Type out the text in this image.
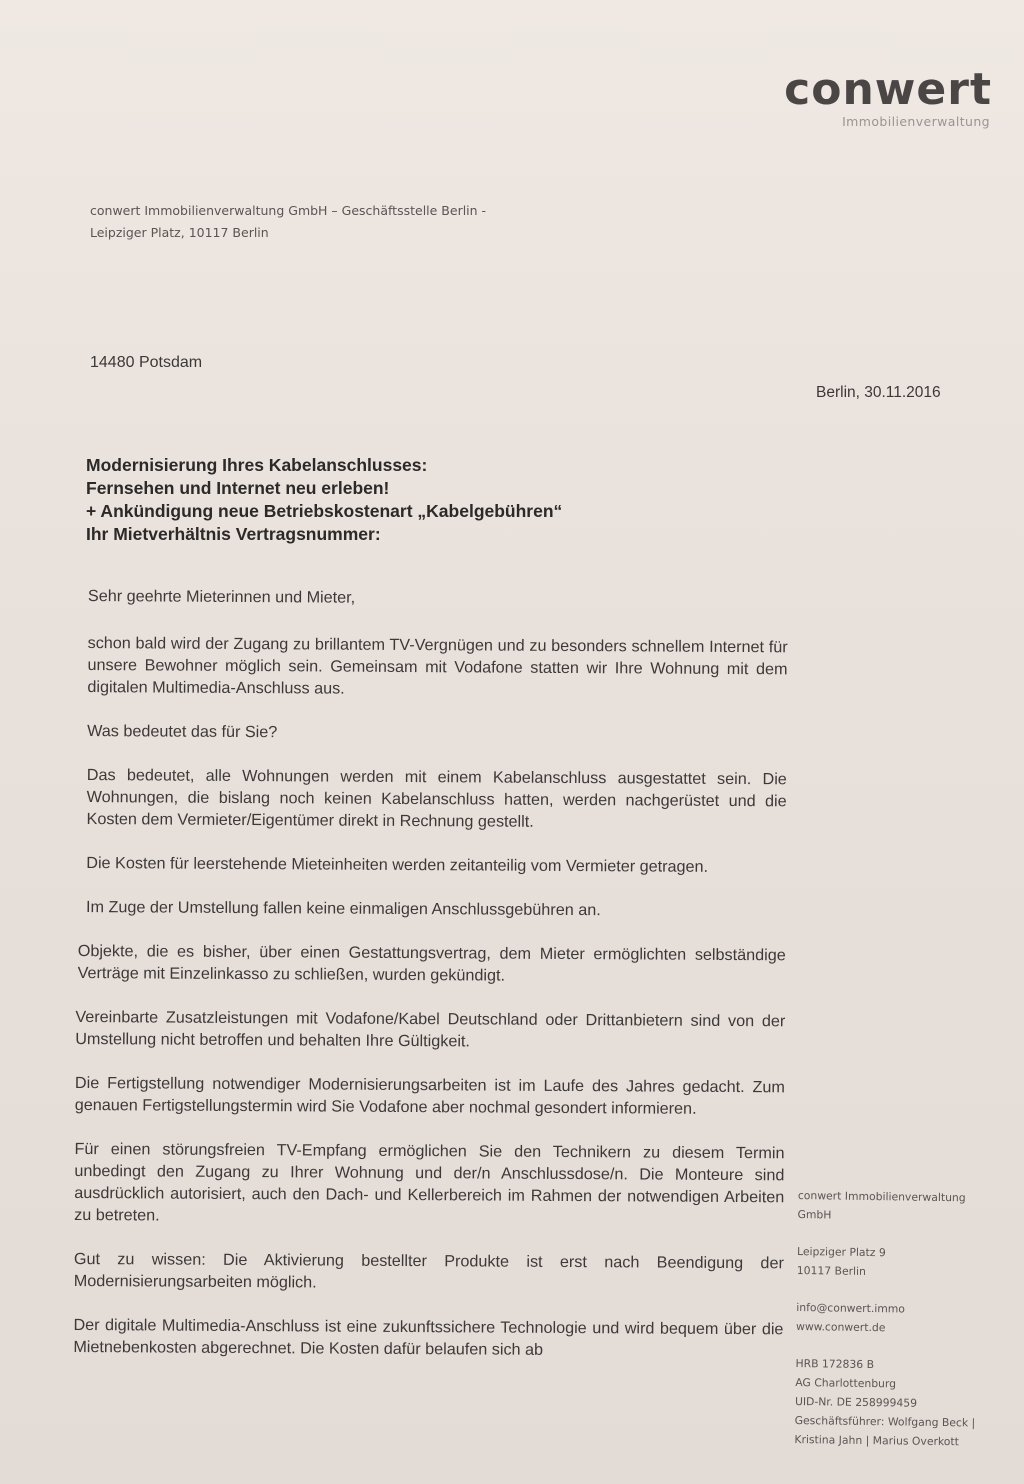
conwert
Immobilienverwaltung
conwert Immobilienverwaltung GmbH – Geschäftsstelle Berlin -
Leipziger Platz, 10117 Berlin
14480 Potsdam
Berlin, 30.11.2016
Modernisierung Ihres Kabelanschlusses:
Fernsehen und Internet neu erleben!
+ Ankündigung neue Betriebskostenart „Kabelgebühren“
Ihr Mietverhältnis Vertragsnummer:

Sehr geehrte Mieterinnen und Mieter,

schon bald wird der Zugang zu brillantem TV-Vergnügen und zu besonders schnellem Internet für unsere Bewohner möglich sein. Gemeinsam mit Vodafone statten wir Ihre Wohnung mit dem digitalen Multimedia-Anschluss aus.

Was bedeutet das für Sie?

Das bedeutet, alle Wohnungen werden mit einem Kabelanschluss ausgestattet sein. Die Wohnungen, die bislang noch keinen Kabelanschluss hatten, werden nachgerüstet und die Kosten dem Vermieter/Eigentümer direkt in Rechnung gestellt.

Die Kosten für leerstehende Mieteinheiten werden zeitanteilig vom Vermieter getragen.

Im Zuge der Umstellung fallen keine einmaligen Anschlussgebühren an.

Objekte, die es bisher, über einen Gestattungsvertrag, dem Mieter ermöglichten selbständige Verträge mit Einzelinkasso zu schließen, wurden gekündigt.

Vereinbarte Zusatzleistungen mit Vodafone/Kabel Deutschland oder Drittanbietern sind von der Umstellung nicht betroffen und behalten Ihre Gültigkeit.

Die Fertigstellung notwendiger Modernisierungsarbeiten ist im Laufe des Jahres gedacht. Zum genauen Fertigstellungstermin wird Sie Vodafone aber nochmal gesondert informieren.

Für einen störungsfreien TV-Empfang ermöglichen Sie den Technikern zu diesem Termin unbedingt den Zugang zu Ihrer Wohnung und der/n Anschlussdose/n. Die Monteure sind ausdrücklich autorisiert, auch den Dach- und Kellerbereich im Rahmen der notwendigen Arbeiten zu betreten.

Gut zu wissen: Die Aktivierung bestellter Produkte ist erst nach Beendigung der Modernisierungsarbeiten möglich.

Der digitale Multimedia-Anschluss ist eine zukunftssichere Technologie und wird bequem über die Mietnebenkosten abgerechnet. Die Kosten dafür belaufen sich ab

conwert Immobilienverwaltung
GmbH
Leipziger Platz 9
10117 Berlin
info@conwert.immo
www.conwert.de
HRB 172836 B
AG Charlottenburg
UID-Nr. DE 258999459
Geschäftsführer: Wolfgang Beck |
Kristina Jahn | Marius Overkott
